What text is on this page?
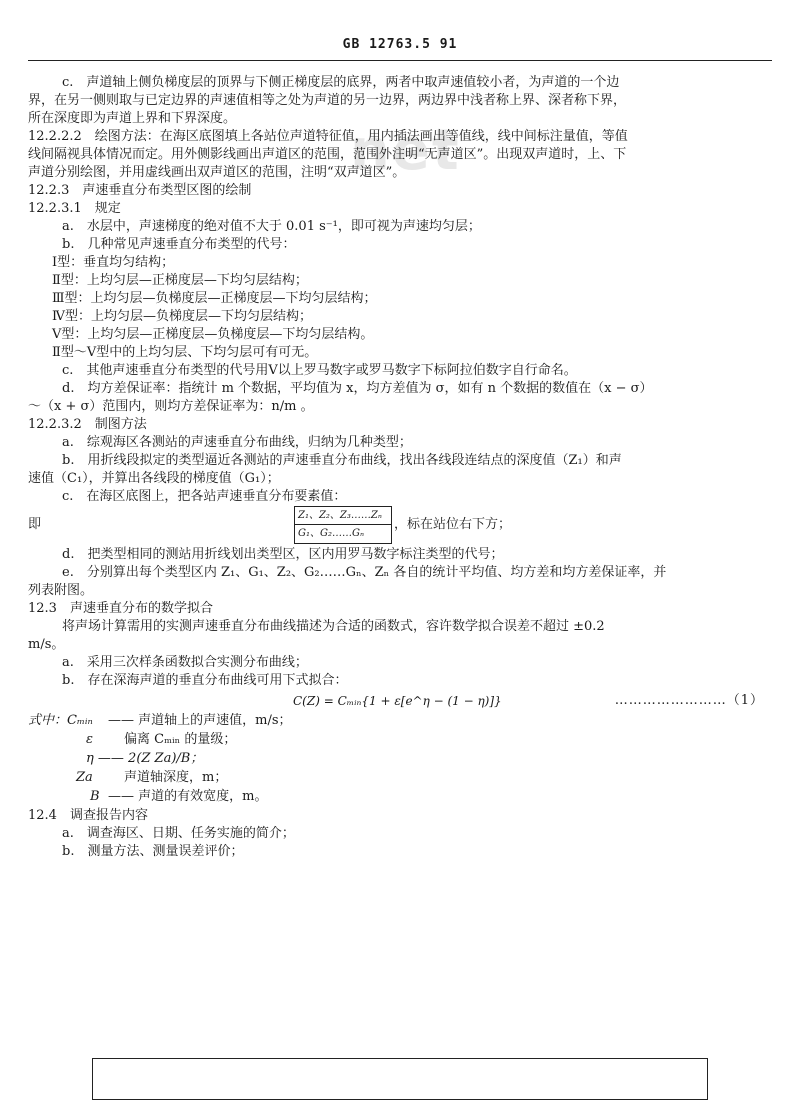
GB 12763.5 91
net

c.　声道轴上侧负梯度层的顶界与下侧正梯度层的底界，两者中取声速值较小者，为声道的一个边

界，在另一侧则取与已定边界的声速值相等之处为声道的另一边界，两边界中浅者称上界、深者称下界，

所在深度即为声道上界和下界深度。

12.2.2.2　绘图方法：在海区底图填上各站位声道特征值，用内插法画出等值线，线中间标注量值，等值

线间隔视具体情况而定。用外侧影线画出声道区的范围，范围外注明“无声道区”。出现双声道时，上、下

声道分别绘图，并用虚线画出双声道区的范围，注明“双声道区”。

12.2.3　声速垂直分布类型区图的绘制

12.2.3.1　规定

a.　水层中，声速梯度的绝对值不大于 0.01 s⁻¹，即可视为声速均匀层；

b.　几种常见声速垂直分布类型的代号：

Ⅰ型：垂直均匀结构；

Ⅱ型：上均匀层—正梯度层—下均匀层结构；

Ⅲ型：上均匀层—负梯度层—正梯度层—下均匀层结构；

Ⅳ型：上均匀层—负梯度层—下均匀层结构；

Ⅴ型：上均匀层—正梯度层—负梯度层—下均匀层结构。

Ⅱ型～Ⅴ型中的上均匀层、下均匀层可有可无。

c.　其他声速垂直分布类型的代号用Ⅴ以上罗马数字或罗马数字下标阿拉伯数字自行命名。

d.　均方差保证率：指统计 m 个数据，平均值为 x，均方差值为 σ，如有 n 个数据的数值在（x − σ）

～（x + σ）范围内，则均方差保证率为：n/m 。

12.2.3.2　制图方法

a.　综观海区各测站的声速垂直分布曲线，归纳为几种类型；

b.　用折线段拟定的类型逼近各测站的声速垂直分布曲线，找出各线段连结点的深度值（Z₁）和声

速值（C₁），并算出各线段的梯度值（G₁）；

c.　在海区底图上，把各站声速垂直分布要素值：

即
Z₁、Z₂、Z₃……Zₙ
G₁、G₂……Gₙ
，标在站位右下方；

d.　把类型相同的测站用折线划出类型区，区内用罗马数字标注类型的代号；

e.　分别算出每个类型区内 Z₁、G₁、Z₂、G₂……Gₙ、Zₙ 各自的统计平均值、均方差和均方差保证率，并

列表附图。

12.3　声速垂直分布的数学拟合

将声场计算需用的实测声速垂直分布曲线描述为合适的函数式，容许数学拟合误差不超过 ±0.2

m/s。

a.　采用三次样条函数拟合实测分布曲线；

b.　存在深海声道的垂直分布曲线可用下式拟合：

C(Z) = Cₘᵢₙ{1 + ε[e^η − (1 − η)]}	……………………（1）
式中：Cₘᵢₙ —— 声道轴上的声速值，m/s；
ε 偏离 Cₘᵢₙ 的量级；
η —— 2(Z Za)/B；
Za 声道轴深度，m；
B —— 声道的有效宽度，m。

12.4　调查报告内容

a.　调查海区、日期、任务实施的简介；

b.　测量方法、测量误差评价；
